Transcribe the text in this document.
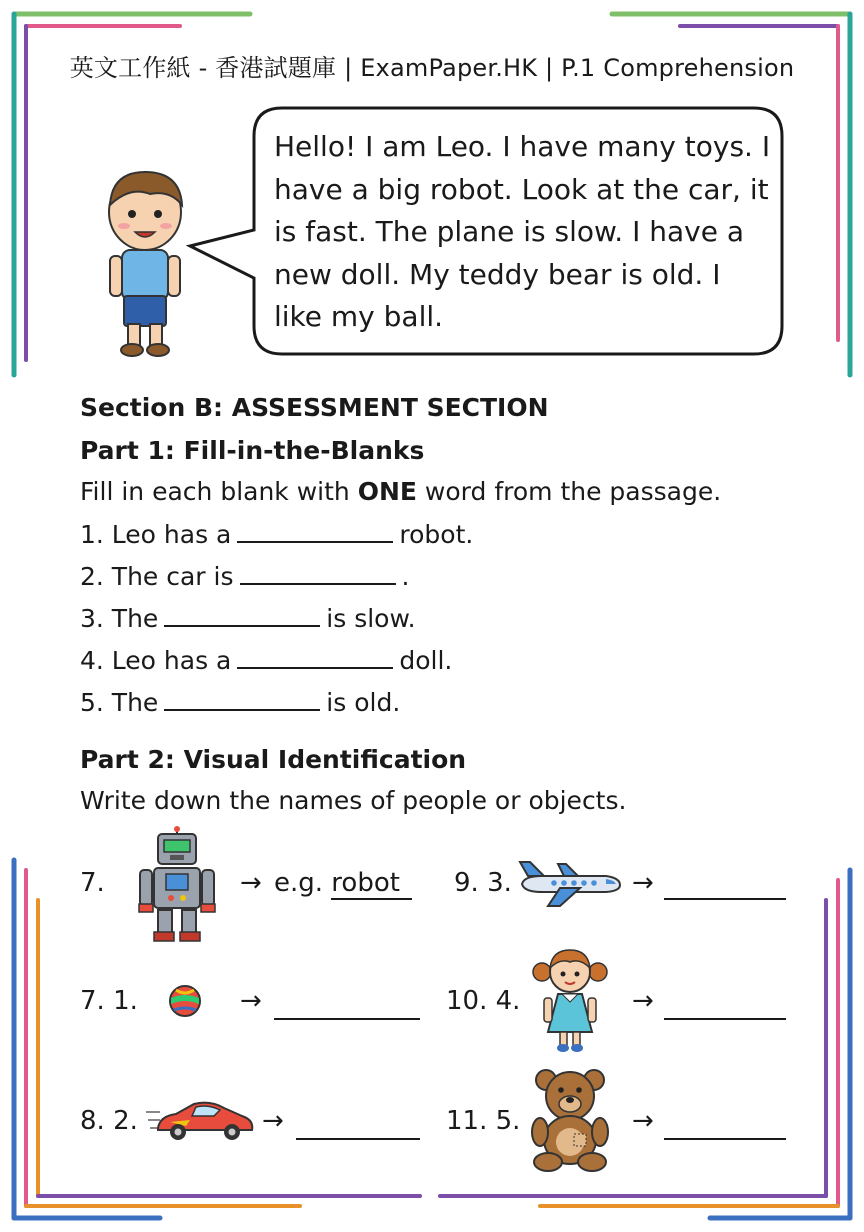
英文工作紙 - 香港試題庫 | ExamPaper.HK | P.1 Comprehension
Hello! I am Leo. I have many toys. I have a big robot. Look at the car, it is fast. The plane is slow. I have a new doll. My teddy bear is old. I like my ball.
Section B: ASSESSMENT SECTION
Part 1: Fill-in-the-Blanks
Fill in each blank with ONE word from the passage.
1. Leo has a	robot.
2. The car is	.
3. The	is slow.
4. Leo has a	doll.
5. The	is old.
Part 2: Visual Identification
Write down the names of people or objects.
7.	→ e.g. robot	9. 3.	→
7. 1.	→	10. 4.	→
8. 2.	→	11. 5.	→
